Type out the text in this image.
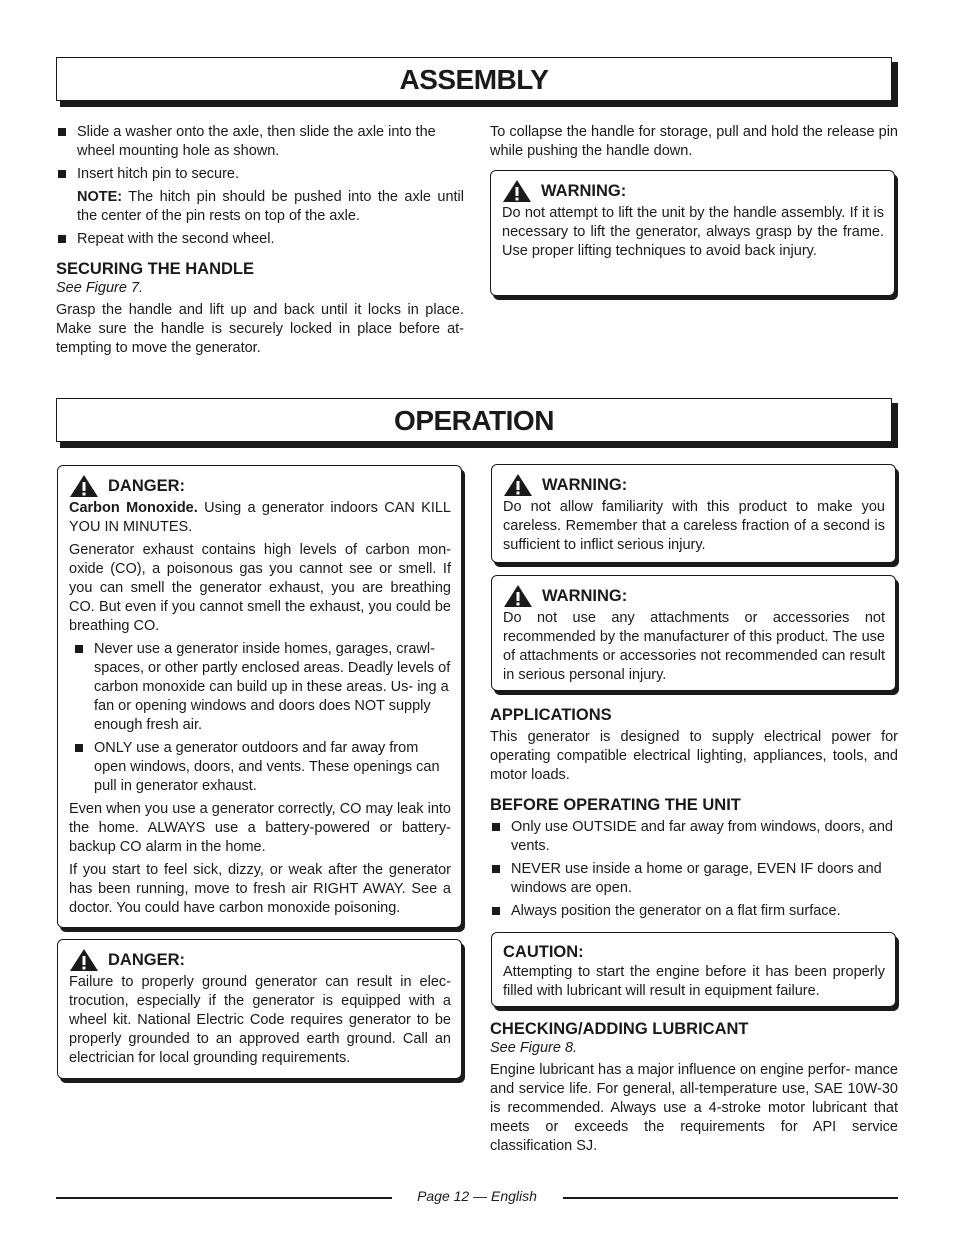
ASSEMBLY
Slide a washer onto the axle, then slide the axle into the wheel mounting hole as shown.
Insert hitch pin to secure.

NOTE: The hitch pin should be pushed into the axle until the center of the pin rests on top of the axle.

Repeat with the second wheel.
SECURING THE HANDLE

See Figure 7.

Grasp the handle and lift up and back until it locks in place. Make sure the handle is securely locked in place before at- tempting to move the generator.

To collapse the handle for storage, pull and hold the release pin while pushing the handle down.

WARNING:

Do not attempt to lift the unit by the handle assembly. If it is necessary to lift the generator, always grasp by the frame. Use proper lifting techniques to avoid back injury.

OPERATION
DANGER:

Carbon Monoxide. Using a generator indoors CAN KILL YOU IN MINUTES.

Generator exhaust contains high levels of carbon mon- oxide (CO), a poisonous gas you cannot see or smell. If you can smell the generator exhaust, you are breathing CO. But even if you cannot smell the exhaust, you could be breathing CO.

Never use a generator inside homes, garages, crawl- spaces, or other partly enclosed areas. Deadly levels of carbon monoxide can build up in these areas. Us- ing a fan or opening windows and doors does NOT supply enough fresh air.
ONLY use a generator outdoors and far away from open windows, doors, and vents. These openings can pull in generator exhaust.

Even when you use a generator correctly, CO may leak into the home. ALWAYS use a battery-powered or battery-backup CO alarm in the home.

If you start to feel sick, dizzy, or weak after the generator has been running, move to fresh air RIGHT AWAY. See a doctor. You could have carbon monoxide poisoning.

DANGER:

Failure to properly ground generator can result in elec- trocution, especially if the generator is equipped with a wheel kit. National Electric Code requires generator to be properly grounded to an approved earth ground. Call an electrician for local grounding requirements.

WARNING:

Do not allow familiarity with this product to make you careless. Remember that a careless fraction of a second is sufficient to inflict serious injury.

WARNING:

Do not use any attachments or accessories not recommended by the manufacturer of this product. The use of attachments or accessories not recommended can result in serious personal injury.

APPLICATIONS

This generator is designed to supply electrical power for operating compatible electrical lighting, appliances, tools, and motor loads.

BEFORE OPERATING THE UNIT
Only use OUTSIDE and far away from windows, doors, and vents.
NEVER use inside a home or garage, EVEN IF doors and windows are open.
Always position the generator on a flat firm surface.
CAUTION:

Attempting to start the engine before it has been properly filled with lubricant will result in equipment failure.

CHECKING/ADDING LUBRICANT

See Figure 8.

Engine lubricant has a major influence on engine perfor- mance and service life. For general, all-temperature use, SAE 10W-30 is recommended. Always use a 4-stroke motor lubricant that meets or exceeds the requirements for API service classification SJ.

Page 12 — English
